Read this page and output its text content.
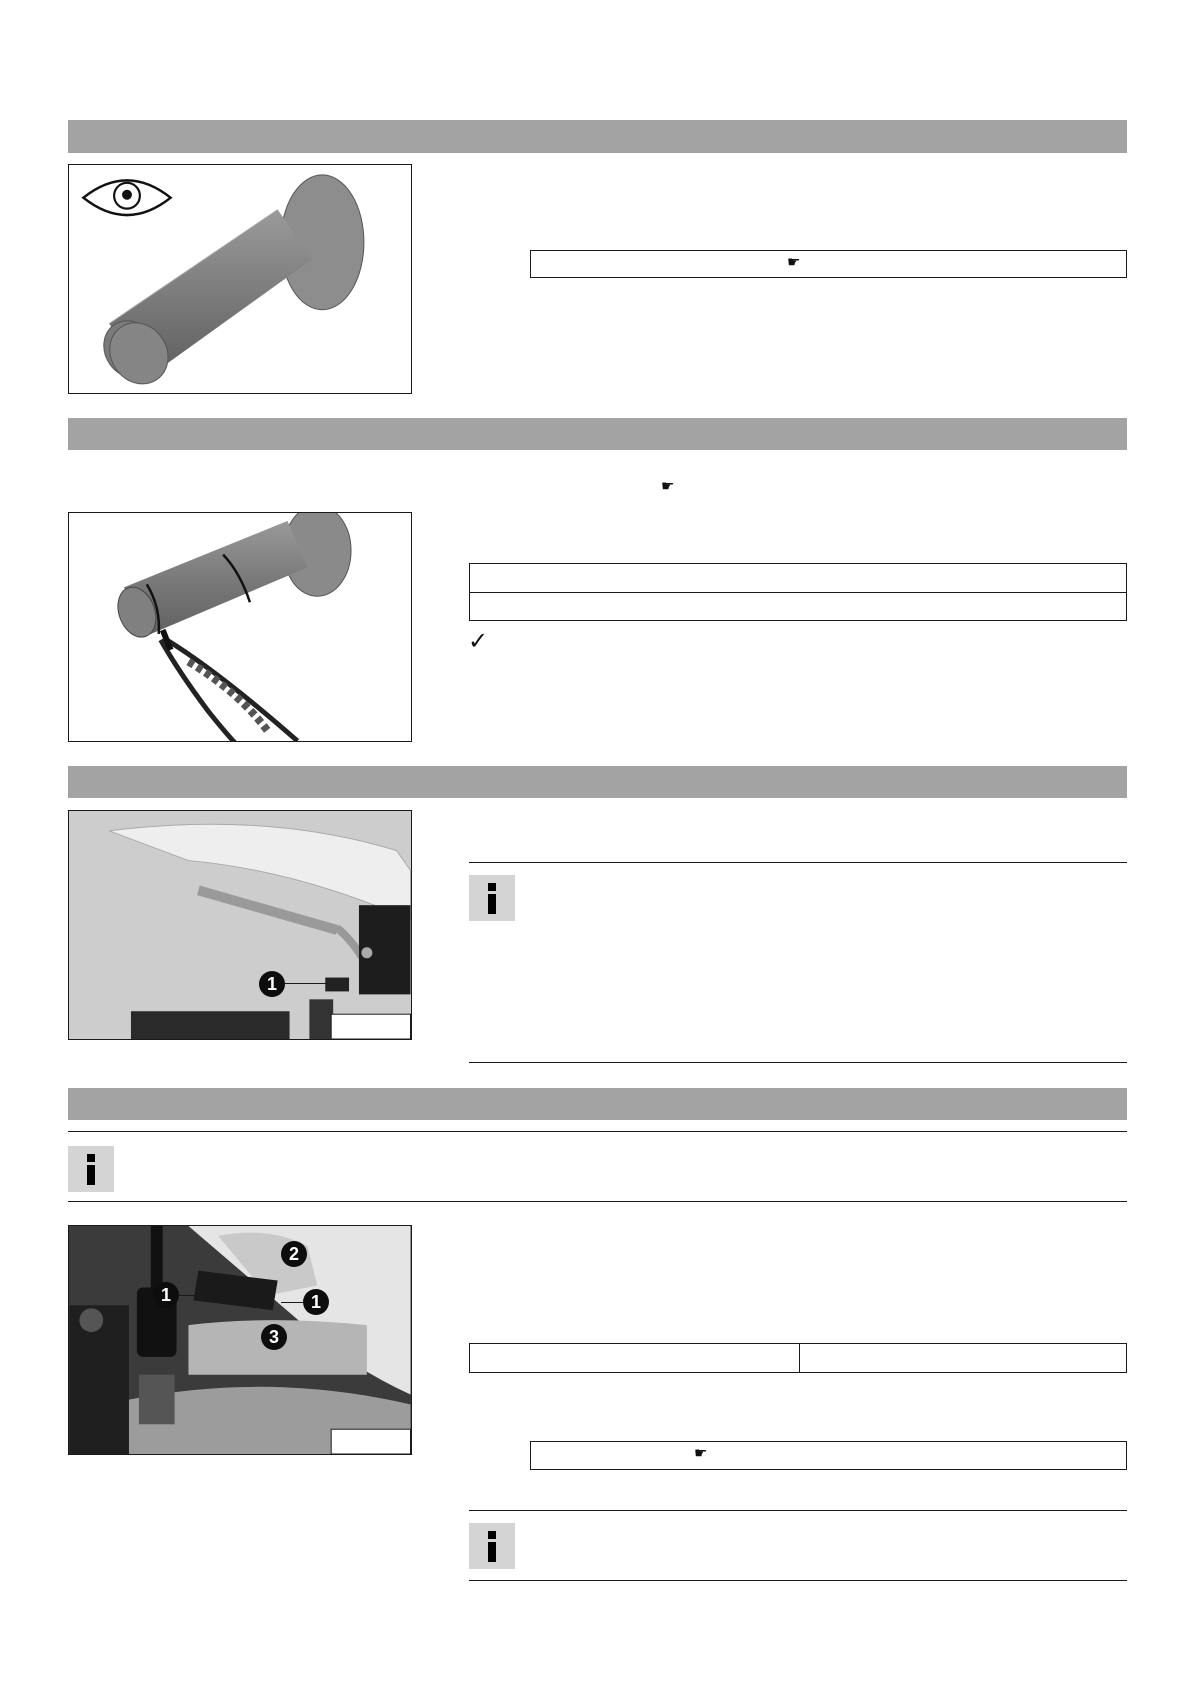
☛
☛
✓
1
1	1
2
3
☛
